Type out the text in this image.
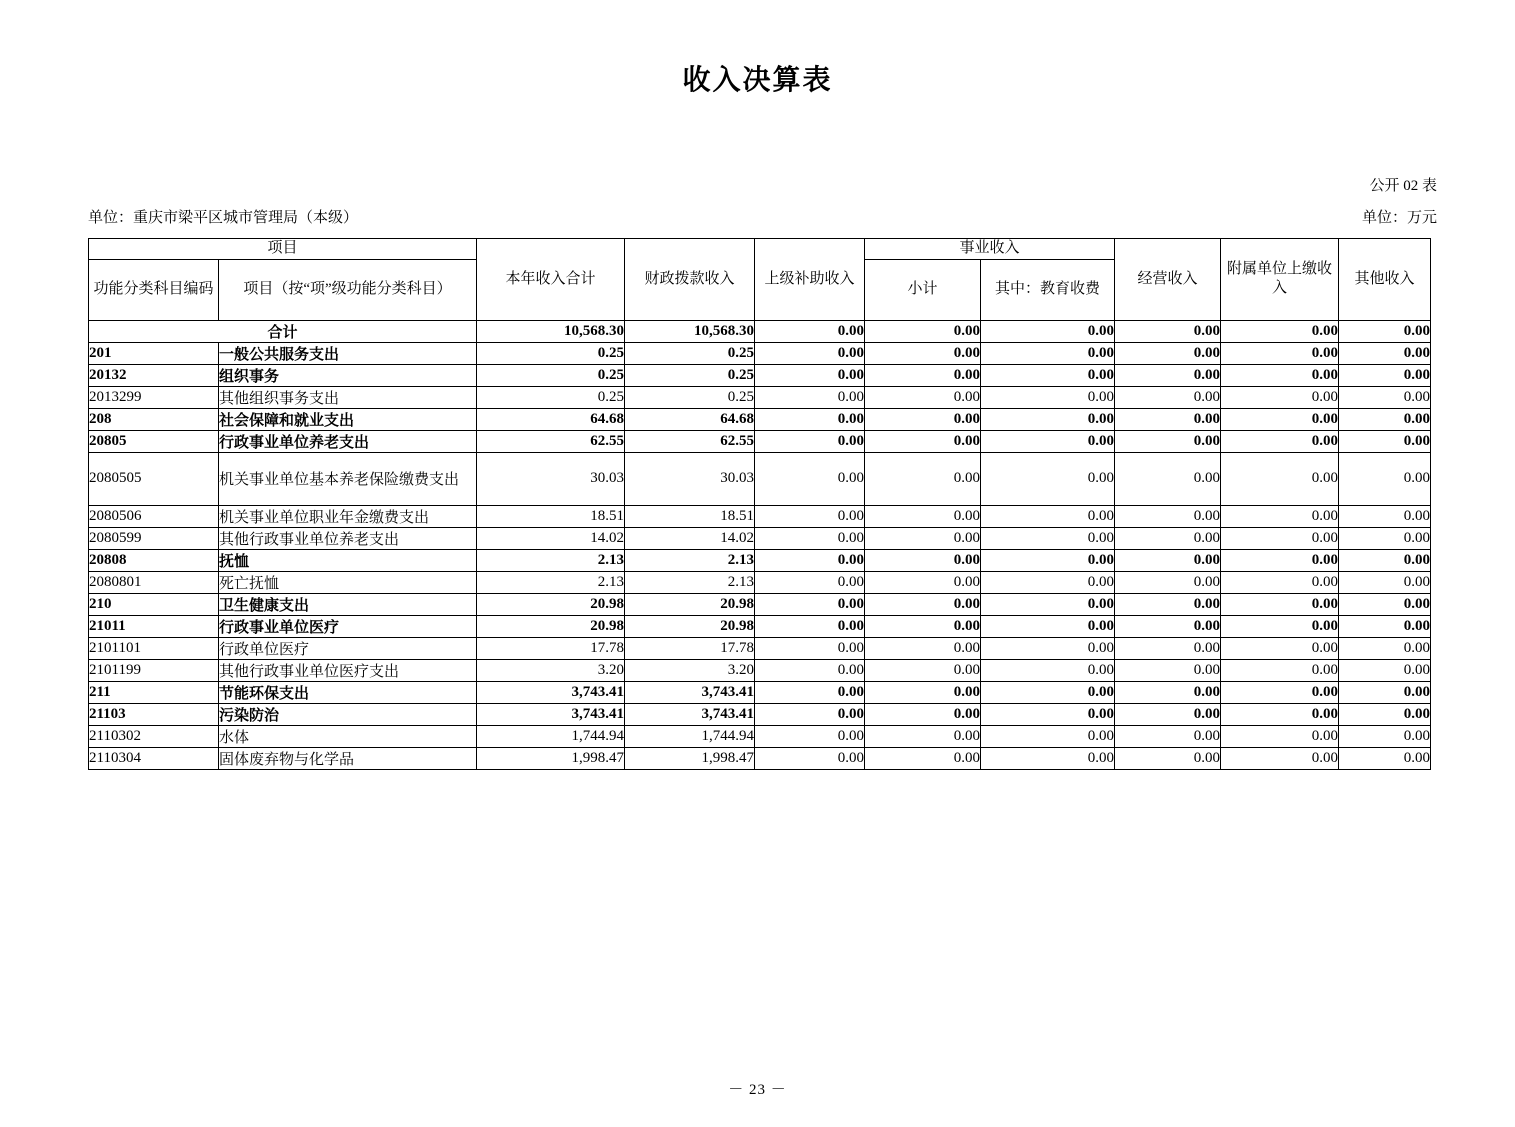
收入决算表
公开 02 表
单位：重庆市梁平区城市管理局（本级）	单位：万元
项目		本年收入合计	财政拨款收入	上级补助收入	事业收入		经营收入	附属单位上缴收入	其他收入
功能分类科目编码	项目（按“项”级功能分类科目）				小计	其中：教育收费			
合计		10,568.30	10,568.30	0.00	0.00	0.00	0.00	0.00	0.00
201	一般公共服务支出	0.25	0.25	0.00	0.00	0.00	0.00	0.00	0.00
20132	组织事务	0.25	0.25	0.00	0.00	0.00	0.00	0.00	0.00
2013299	其他组织事务支出	0.25	0.25	0.00	0.00	0.00	0.00	0.00	0.00
208	社会保障和就业支出	64.68	64.68	0.00	0.00	0.00	0.00	0.00	0.00
20805	行政事业单位养老支出	62.55	62.55	0.00	0.00	0.00	0.00	0.00	0.00
2080505	机关事业单位基本养老保险缴费支出	30.03	30.03	0.00	0.00	0.00	0.00	0.00	0.00
2080506	机关事业单位职业年金缴费支出	18.51	18.51	0.00	0.00	0.00	0.00	0.00	0.00
2080599	其他行政事业单位养老支出	14.02	14.02	0.00	0.00	0.00	0.00	0.00	0.00
20808	抚恤	2.13	2.13	0.00	0.00	0.00	0.00	0.00	0.00
2080801	死亡抚恤	2.13	2.13	0.00	0.00	0.00	0.00	0.00	0.00
210	卫生健康支出	20.98	20.98	0.00	0.00	0.00	0.00	0.00	0.00
21011	行政事业单位医疗	20.98	20.98	0.00	0.00	0.00	0.00	0.00	0.00
2101101	行政单位医疗	17.78	17.78	0.00	0.00	0.00	0.00	0.00	0.00
2101199	其他行政事业单位医疗支出	3.20	3.20	0.00	0.00	0.00	0.00	0.00	0.00
211	节能环保支出	3,743.41	3,743.41	0.00	0.00	0.00	0.00	0.00	0.00
21103	污染防治	3,743.41	3,743.41	0.00	0.00	0.00	0.00	0.00	0.00
2110302	水体	1,744.94	1,744.94	0.00	0.00	0.00	0.00	0.00	0.00
2110304	固体废弃物与化学品	1,998.47	1,998.47	0.00	0.00	0.00	0.00	0.00	0.00
－ 23 －
